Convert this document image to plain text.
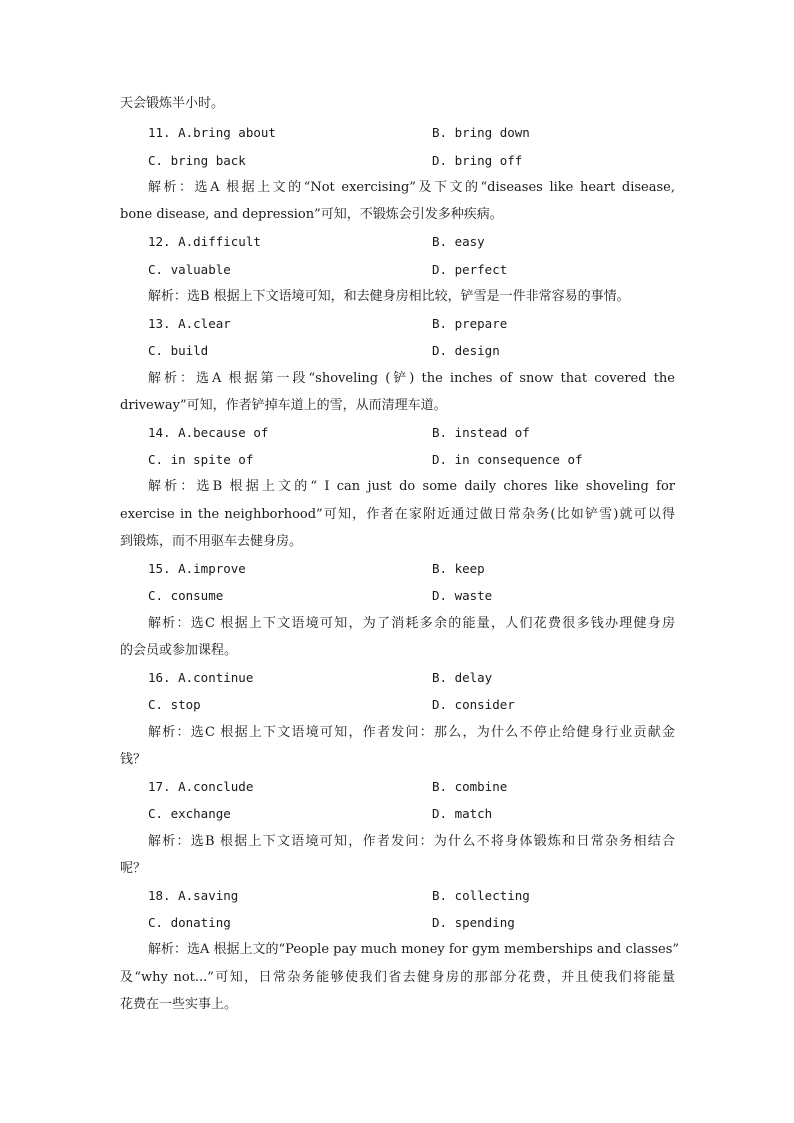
天会锻炼半小时。
11. A.bring about	B. bring down
C. bring back	D. bring off
解析：选A 根据上文的“Not exercising”及下文的“diseases like heart disease,
bone disease, and depression”可知，不锻炼会引发多种疾病。
12. A.difficult	B. easy
C. valuable	D. perfect
解析：选B 根据上下文语境可知，和去健身房相比较，铲雪是一件非常容易的事情。
13. A.clear	B. prepare
C. build	D. design
解析：选A 根据第一段“shoveling (铲) the inches of snow that covered the
driveway”可知，作者铲掉车道上的雪，从而清理车道。
14. A.because of	B. instead of
C. in spite of	D. in consequence of
解析：选B 根据上文的“ I can just do some daily chores like shoveling for
exercise in the neighborhood”可知，作者在家附近通过做日常杂务(比如铲雪)就可以得
到锻炼，而不用驱车去健身房。
15. A.improve	B. keep
C. consume	D. waste
解析：选C 根据上下文语境可知，为了消耗多余的能量，人们花费很多钱办理健身房
的会员或参加课程。
16. A.continue	B. delay
C. stop	D. consider
解析：选C 根据上下文语境可知，作者发问：那么，为什么不停止给健身行业贡献金
钱？
17. A.conclude	B. combine
C. exchange	D. match
解析：选B 根据上下文语境可知，作者发问：为什么不将身体锻炼和日常杂务相结合
呢？
18. A.saving	B. collecting
C. donating	D. spending
解析：选A 根据上文的“People pay much money for gym memberships and classes”
及“why not...”可知，日常杂务能够使我们省去健身房的那部分花费，并且使我们将能量
花费在一些实事上。
